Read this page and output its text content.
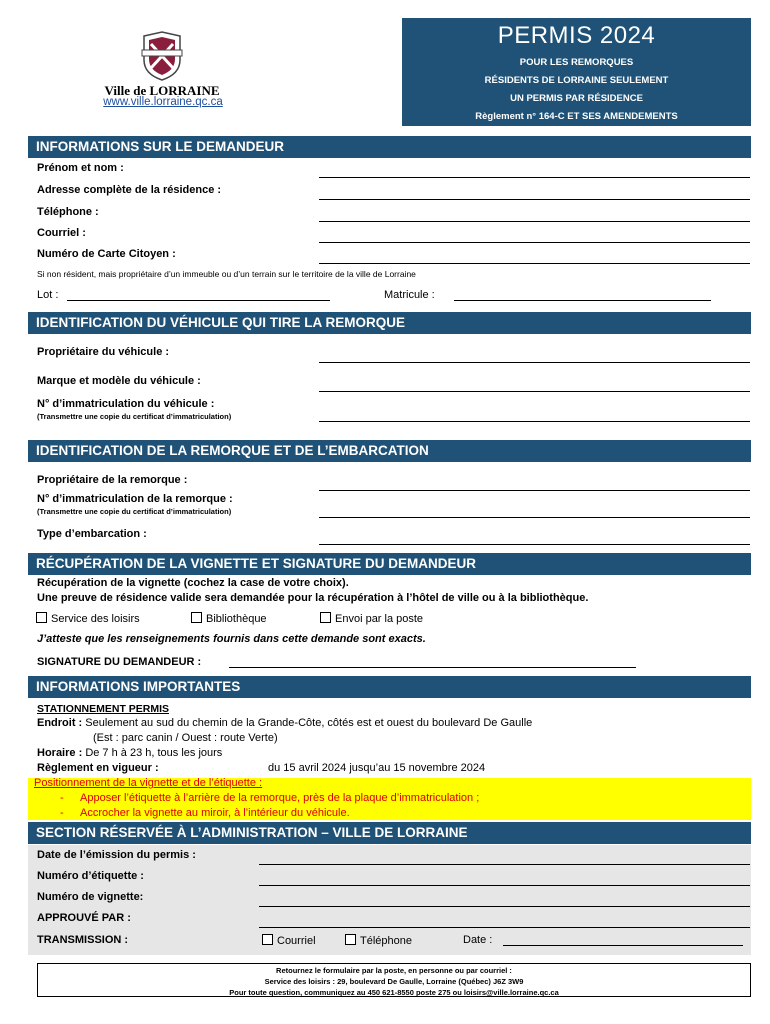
Ville de LORRAINE
www.ville.lorraine.qc.ca
PERMIS 2024
POUR LES REMORQUES
RÉSIDENTS DE LORRAINE SEULEMENT
UN PERMIS PAR RÉSIDENCE
Règlement n° 164-C ET SES AMENDEMENTS
INFORMATIONS SUR LE DEMANDEUR
Prénom et nom :
Adresse complète de la résidence :
Téléphone :
Courriel :
Numéro de Carte Citoyen :
Si non résident, mais propriétaire d’un immeuble ou d’un terrain sur le territoire de la ville de Lorraine
Lot :	Matricule :
IDENTIFICATION DU VÉHICULE QUI TIRE LA REMORQUE
Propriétaire du véhicule :
Marque et modèle du véhicule :
N° d’immatriculation du véhicule :
(Transmettre une copie du certificat d’immatriculation)
IDENTIFICATION DE LA REMORQUE ET DE L’EMBARCATION
Propriétaire de la remorque :
N° d’immatriculation de la remorque :
(Transmettre une copie du certificat d’immatriculation)
Type d’embarcation :
RÉCUPÉRATION DE LA VIGNETTE ET SIGNATURE DU DEMANDEUR
Récupération de la vignette (cochez la case de votre choix).
Une preuve de résidence valide sera demandée pour la récupération à l’hôtel de ville ou à la bibliothèque.
Service des loisirs	Bibliothèque	Envoi par la poste
J’atteste que les renseignements fournis dans cette demande sont exacts.
SIGNATURE DU DEMANDEUR :
INFORMATIONS IMPORTANTES
STATIONNEMENT PERMIS
Endroit : Seulement au sud du chemin de la Grande-Côte, côtés est et ouest du boulevard De Gaulle
(Est : parc canin / Ouest : route Verte)
Horaire : De 7 h à 23 h, tous les jours
Règlement en vigueur :	du 15 avril 2024 jusqu’au 15 novembre 2024
Positionnement de la vignette et de l’étiquette :
- Apposer l’étiquette à l’arrière de la remorque, près de la plaque d’immatriculation ;
- Accrocher la vignette au miroir, à l’intérieur du véhicule.
SECTION RÉSERVÉE À L’ADMINISTRATION – VILLE DE LORRAINE
Date de l’émission du permis :
Numéro d’étiquette :
Numéro de vignette:
APPROUVÉ PAR :
TRANSMISSION :	Courriel	Téléphone	Date :
Retournez le formulaire par la poste, en personne ou par courriel :
Service des loisirs : 29, boulevard De Gaulle, Lorraine (Québec) J6Z 3W9
Pour toute question, communiquez au 450 621-8550 poste 275 ou loisirs@ville.lorraine.qc.ca
